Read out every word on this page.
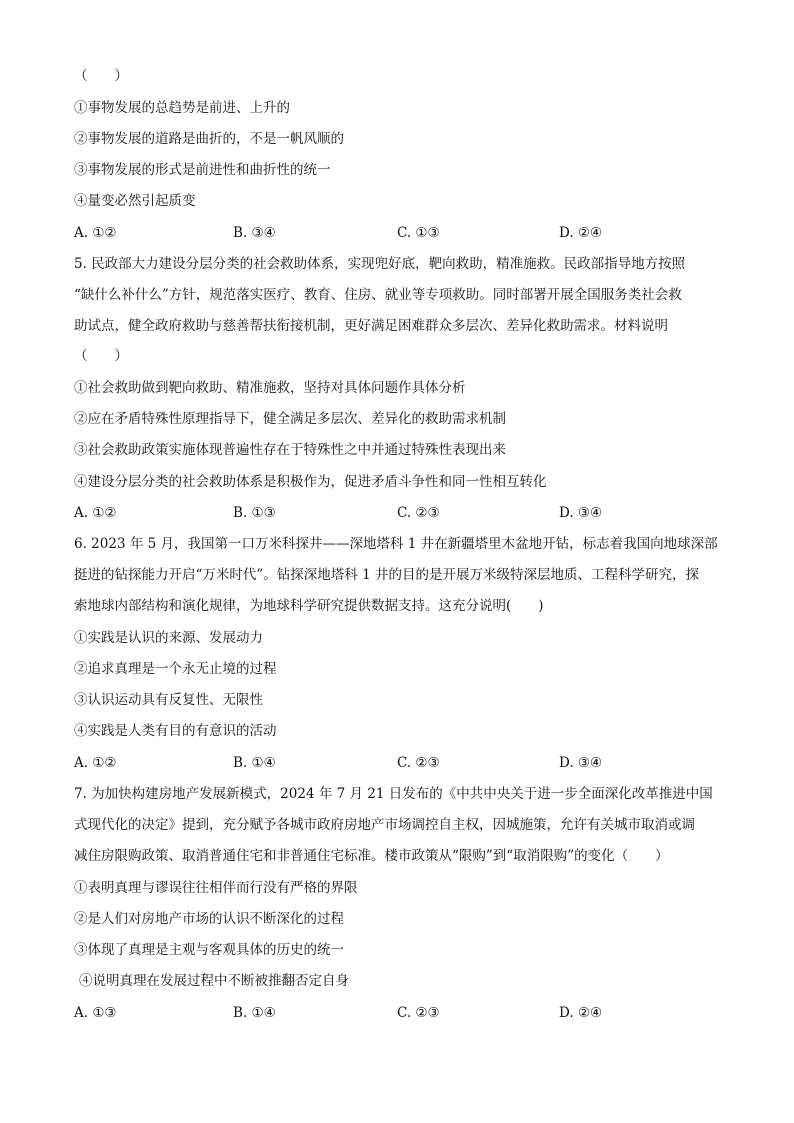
（　　）
①事物发展的总趋势是前进、上升的
②事物发展的道路是曲折的，不是一帆风顺的
③事物发展的形式是前进性和曲折性的统一
④量变必然引起质变
A. ①②	B. ③④	C. ①③	D. ②④
5. 民政部大力建设分层分类的社会救助体系，实现兜好底，靶向救助，精准施救。民政部指导地方按照
“缺什么补什么”方针，规范落实医疗、教育、住房、就业等专项救助。同时部署开展全国服务类社会救
助试点，健全政府救助与慈善帮扶衔接机制，更好满足困难群众多层次、差异化救助需求。材料说明
（　　）
①社会救助做到靶向救助、精准施救，坚持对具体问题作具体分析
②应在矛盾特殊性原理指导下，健全满足多层次、差异化的救助需求机制
③社会救助政策实施体现普遍性存在于特殊性之中并通过特殊性表现出来
④建设分层分类的社会救助体系是积极作为，促进矛盾斗争性和同一性相互转化
A. ①②	B. ①③	C. ②③	D. ③④
6. 2023 年 5 月，我国第一口万米科探井——深地塔科 1 井在新疆塔里木盆地开钻，标志着我国向地球深部
挺进的钻探能力开启“万米时代”。钻探深地塔科 1 井的目的是开展万米级特深层地质、工程科学研究，探
索地球内部结构和演化规律，为地球科学研究提供数据支持。这充分说明(　　)
①实践是认识的来源、发展动力
②追求真理是一个永无止境的过程
③认识运动具有反复性、无限性
④实践是人类有目的有意识的活动
A. ①②	B. ①④	C. ②③	D. ③④
7. 为加快构建房地产发展新模式，2024 年 7 月 21 日发布的《中共中央关于进一步全面深化改革推进中国
式现代化的决定》提到，充分赋予各城市政府房地产市场调控自主权，因城施策，允许有关城市取消或调
减住房限购政策、取消普通住宅和非普通住宅标准。楼市政策从“限购”到“取消限购”的变化（　　）
①表明真理与谬误往往相伴而行没有严格的界限
②是人们对房地产市场的认识不断深化的过程
③体现了真理是主观与客观具体的历史的统一
④说明真理在发展过程中不断被推翻否定自身
A. ①③	B. ①④	C. ②③	D. ②④
